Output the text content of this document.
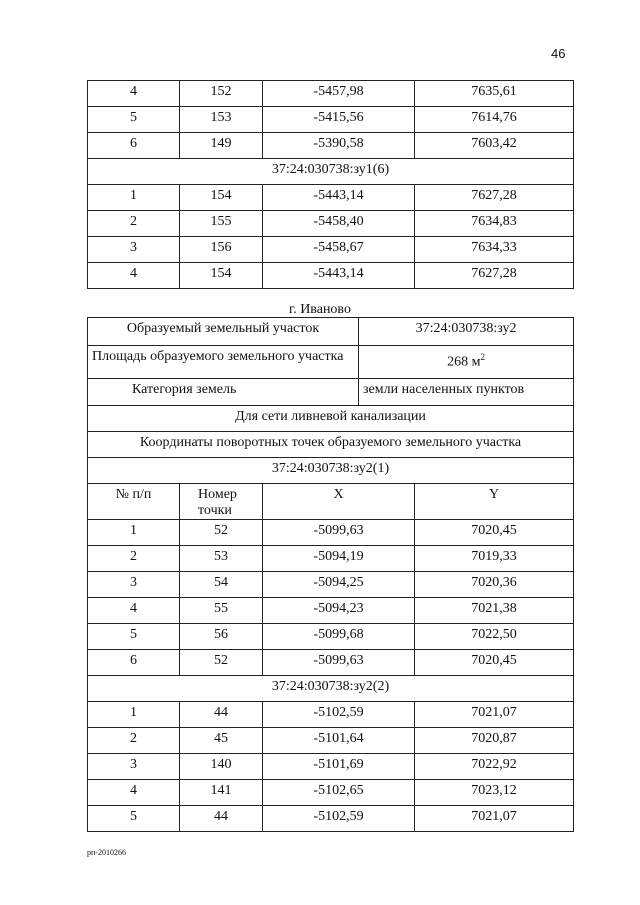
46
4	152	-5457,98	7635,61
5	153	-5415,56	7614,76
6	149	-5390,58	7603,42
37:24:030738:зу1(6)			
1	154	-5443,14	7627,28
2	155	-5458,40	7634,83
3	156	-5458,67	7634,33
4	154	-5443,14	7627,28
г. Иваново
Образуемый земельный участок			37:24:030738:зу2	
Площадь образуемого земельного участка			268 $м^2$
Категория земель			земли населенных пунктов	
Для сети ливневой канализации				
Координаты поворотных точек образуемого земельного участка				
37:24:030738:зу2(1)				
№ п/п	Номер точки	X		Y
1	52	-5099,63		7020,45
2	53	-5094,19		7019,33
3	54	-5094,25		7020,36
4	55	-5094,23		7021,38
5	56	-5099,68		7022,50
6	52	-5099,63		7020,45
37:24:030738:зу2(2)				
1	44	-5102,59		7021,07
2	45	-5101,64		7020,87
3	140	-5101,69		7022,92
4	141	-5102,65		7023,12
5	44	-5102,59		7021,07
рп-2010266
